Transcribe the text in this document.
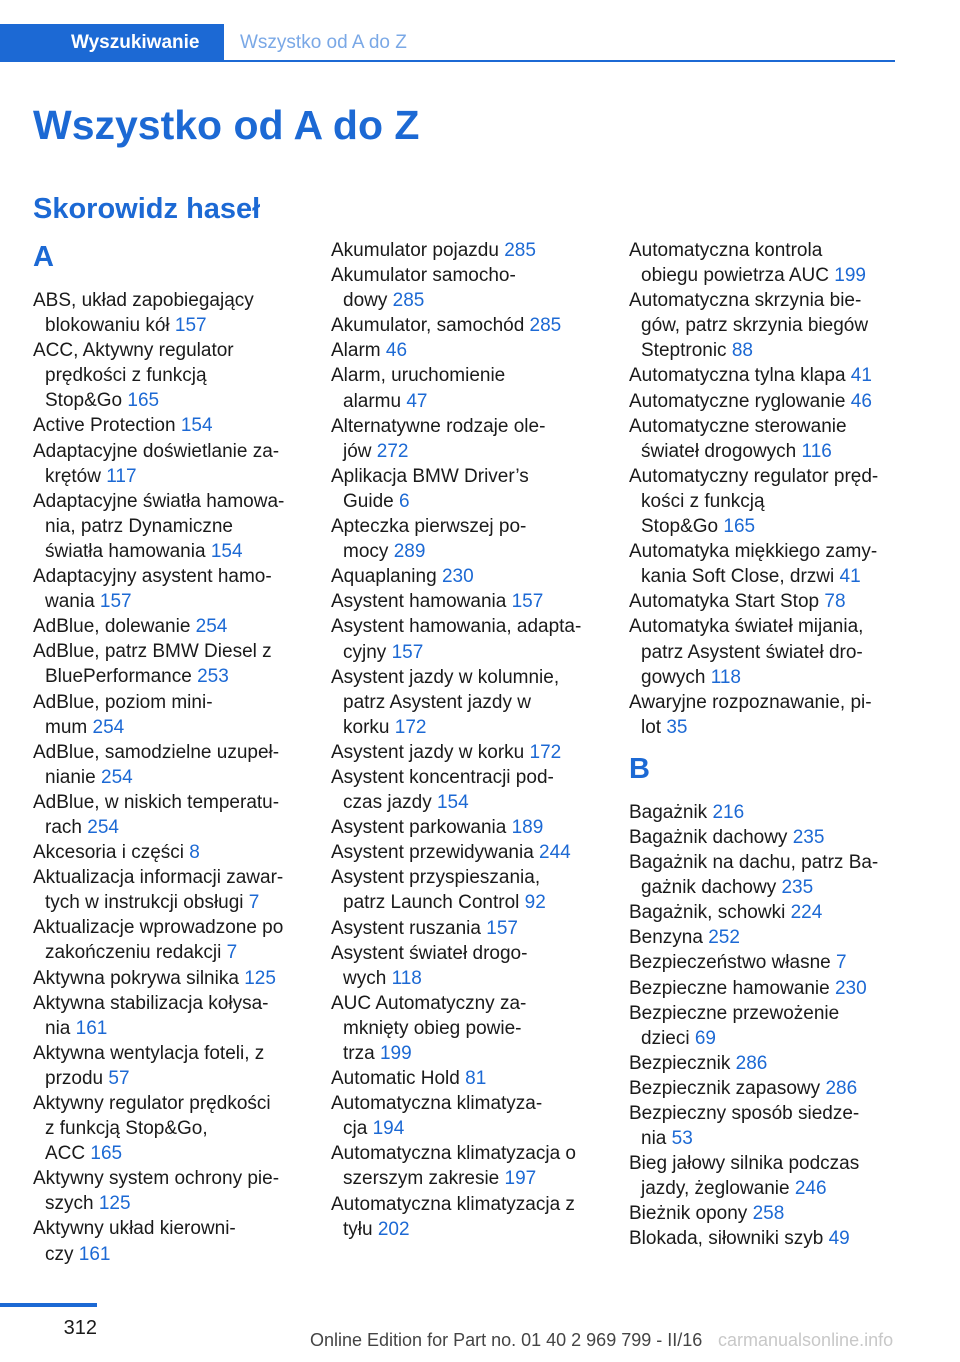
Wyszukiwanie	Wszystko od A do Z
Wszystko od A do Z
Skorowidz haseł
A
ABS, układ zapobiegający
blokowaniu kół 157
ACC, Aktywny regulator
prędkości z funkcją
Stop&Go 165
Active Protection 154
Adaptacyjne doświetlanie za-
krętów 117
Adaptacyjne światła hamowa-
nia, patrz Dynamiczne
światła hamowania 154
Adaptacyjny asystent hamo-
wania 157
AdBlue, dolewanie 254
AdBlue, patrz BMW Diesel z
BluePerformance 253
AdBlue, poziom mini-
mum 254
AdBlue, samodzielne uzupeł-
nianie 254
AdBlue, w niskich temperatu-
rach 254
Akcesoria i części 8
Aktualizacja informacji zawar-
tych w instrukcji obsługi 7
Aktualizacje wprowadzone po
zakończeniu redakcji 7
Aktywna pokrywa silnika 125
Aktywna stabilizacja kołysa-
nia 161
Aktywna wentylacja foteli, z
przodu 57
Aktywny regulator prędkości
z funkcją Stop&Go,
ACC 165
Aktywny system ochrony pie-
szych 125
Aktywny układ kierowni-
czy 161
Akumulator pojazdu 285
Akumulator samocho-
dowy 285
Akumulator, samochód 285
Alarm 46
Alarm, uruchomienie
alarmu 47
Alternatywne rodzaje ole-
jów 272
Aplikacja BMW Driver’s
Guide 6
Apteczka pierwszej po-
mocy 289
Aquaplaning 230
Asystent hamowania 157
Asystent hamowania, adapta-
cyjny 157
Asystent jazdy w kolumnie,
patrz Asystent jazdy w
korku 172
Asystent jazdy w korku 172
Asystent koncentracji pod-
czas jazdy 154
Asystent parkowania 189
Asystent przewidywania 244
Asystent przyspieszania,
patrz Launch Control 92
Asystent ruszania 157
Asystent świateł drogo-
wych 118
AUC Automatyczny za-
mknięty obieg powie-
trza 199
Automatic Hold 81
Automatyczna klimatyza-
cja 194
Automatyczna klimatyzacja o
szerszym zakresie 197
Automatyczna klimatyzacja z
tyłu 202
Automatyczna kontrola
obiegu powietrza AUC 199
Automatyczna skrzynia bie-
gów, patrz skrzynia biegów
Steptronic 88
Automatyczna tylna klapa 41
Automatyczne ryglowanie 46
Automatyczne sterowanie
świateł drogowych 116
Automatyczny regulator pręd-
kości z funkcją
Stop&Go 165
Automatyka miękkiego zamy-
kania Soft Close, drzwi 41
Automatyka Start Stop 78
Automatyka świateł mijania,
patrz Asystent świateł dro-
gowych 118
Awaryjne rozpoznawanie, pi-
lot 35
B
Bagażnik 216
Bagażnik dachowy 235
Bagażnik na dachu, patrz Ba-
gażnik dachowy 235
Bagażnik, schowki 224
Benzyna 252
Bezpieczeństwo własne 7
Bezpieczne hamowanie 230
Bezpieczne przewożenie
dzieci 69
Bezpiecznik 286
Bezpiecznik zapasowy 286
Bezpieczny sposób siedze-
nia 53
Bieg jałowy silnika podczas
jazdy, żeglowanie 246
Bieżnik opony 258
Blokada, siłowniki szyb 49
312
Online Edition for Part no. 01 40 2 969 799 - II/16 carmanualsonline.info
